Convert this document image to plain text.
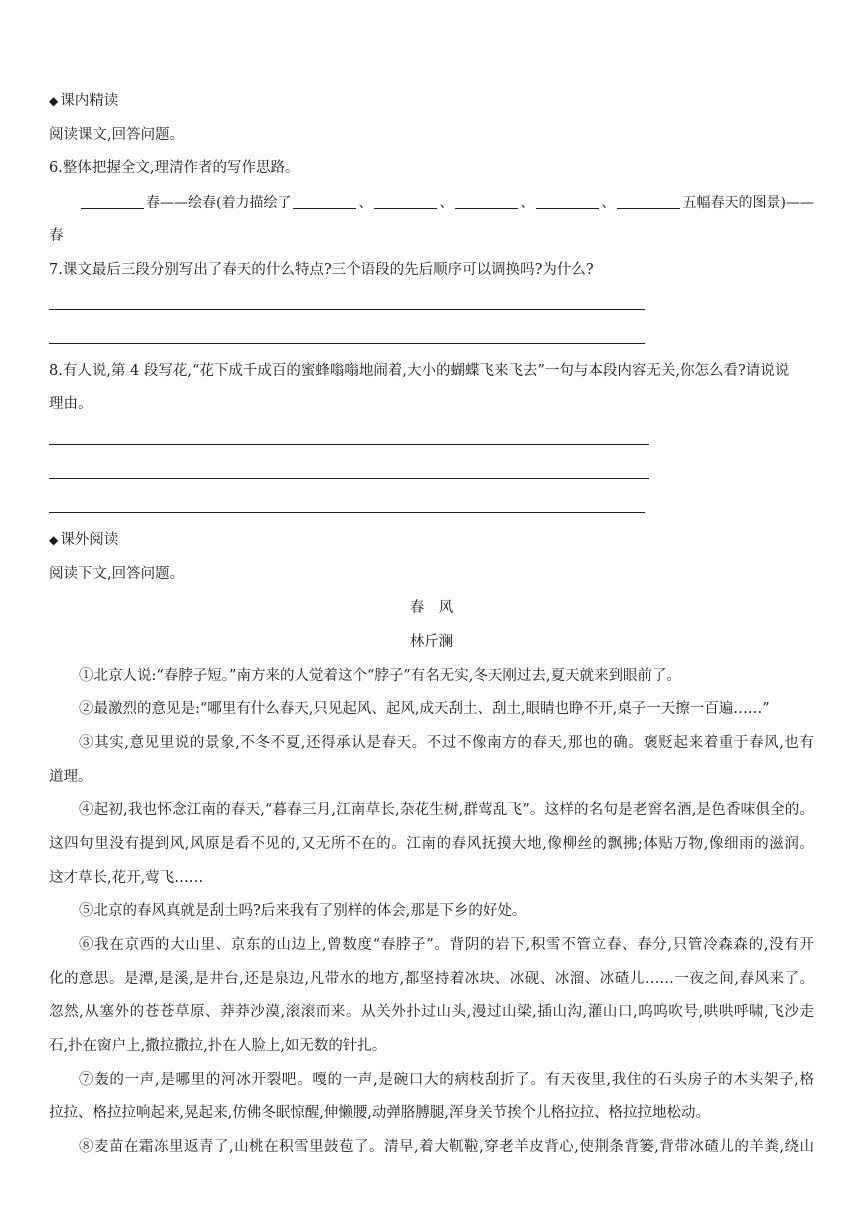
◆ 课内精读
阅读课文,回答问题。
6.整体把握全文,理清作者的写作思路。
春——绘春(着力描绘了	、	、	、	、	五幅春天的图景)——
春
7.课文最后三段分别写出了春天的什么特点?三个语段的先后顺序可以调换吗?为什么?
8.有人说,第 4 段写花,“花下成千成百的蜜蜂嗡嗡地闹着,大小的蝴蝶飞来飞去”一句与本段内容无关,你怎么看?请说说
理由。
◆ 课外阅读
阅读下文,回答问题。
春　风
林斤澜
①北京人说:“春脖子短。”南方来的人觉着这个“脖子”有名无实,冬天刚过去,夏天就来到眼前了。
②最激烈的意见是:“哪里有什么春天,只见起风、起风,成天刮土、刮土,眼睛也睁不开,桌子一天擦一百遍……”
③其实,意见里说的景象,不冬不夏,还得承认是春天。不过不像南方的春天,那也的确。褒贬起来着重于春风,也有
道理。
④起初,我也怀念江南的春天,“暮春三月,江南草长,杂花生树,群莺乱飞”。这样的名句是老窖名酒,是色香味俱全的。
这四句里没有提到风,风原是看不见的,又无所不在的。江南的春风抚摸大地,像柳丝的飘拂;体贴万物,像细雨的滋润。
这才草长,花开,莺飞……
⑤北京的春风真就是刮土吗?后来我有了别样的体会,那是下乡的好处。
⑥我在京西的大山里、京东的山边上,曾数度“春脖子”。背阴的岩下,积雪不管立春、春分,只管冷森森的,没有开
化的意思。是潭,是溪,是井台,还是泉边,凡带水的地方,都坚持着冰块、冰砚、冰溜、冰碴儿……一夜之间,春风来了。
忽然,从塞外的苍苍草原、莽莽沙漠,滚滚而来。从关外扑过山头,漫过山梁,插山沟,灌山口,呜呜吹号,哄哄呼啸,飞沙走
石,扑在窗户上,撒拉撒拉,扑在人脸上,如无数的针扎。
⑦轰的一声,是哪里的河冰开裂吧。嘎的一声,是碗口大的病枝刮折了。有天夜里,我住的石头房子的木头架子,格
拉拉、格拉拉响起来,晃起来,仿佛冬眠惊醒,伸懒腰,动弹胳膊腿,浑身关节挨个儿格拉拉、格拉拉地松动。
⑧麦苗在霜冻里返青了,山桃在积雪里鼓苞了。清早,着大靰鞡,穿老羊皮背心,使荆条背篓,背带冰碴儿的羊粪,绕山
